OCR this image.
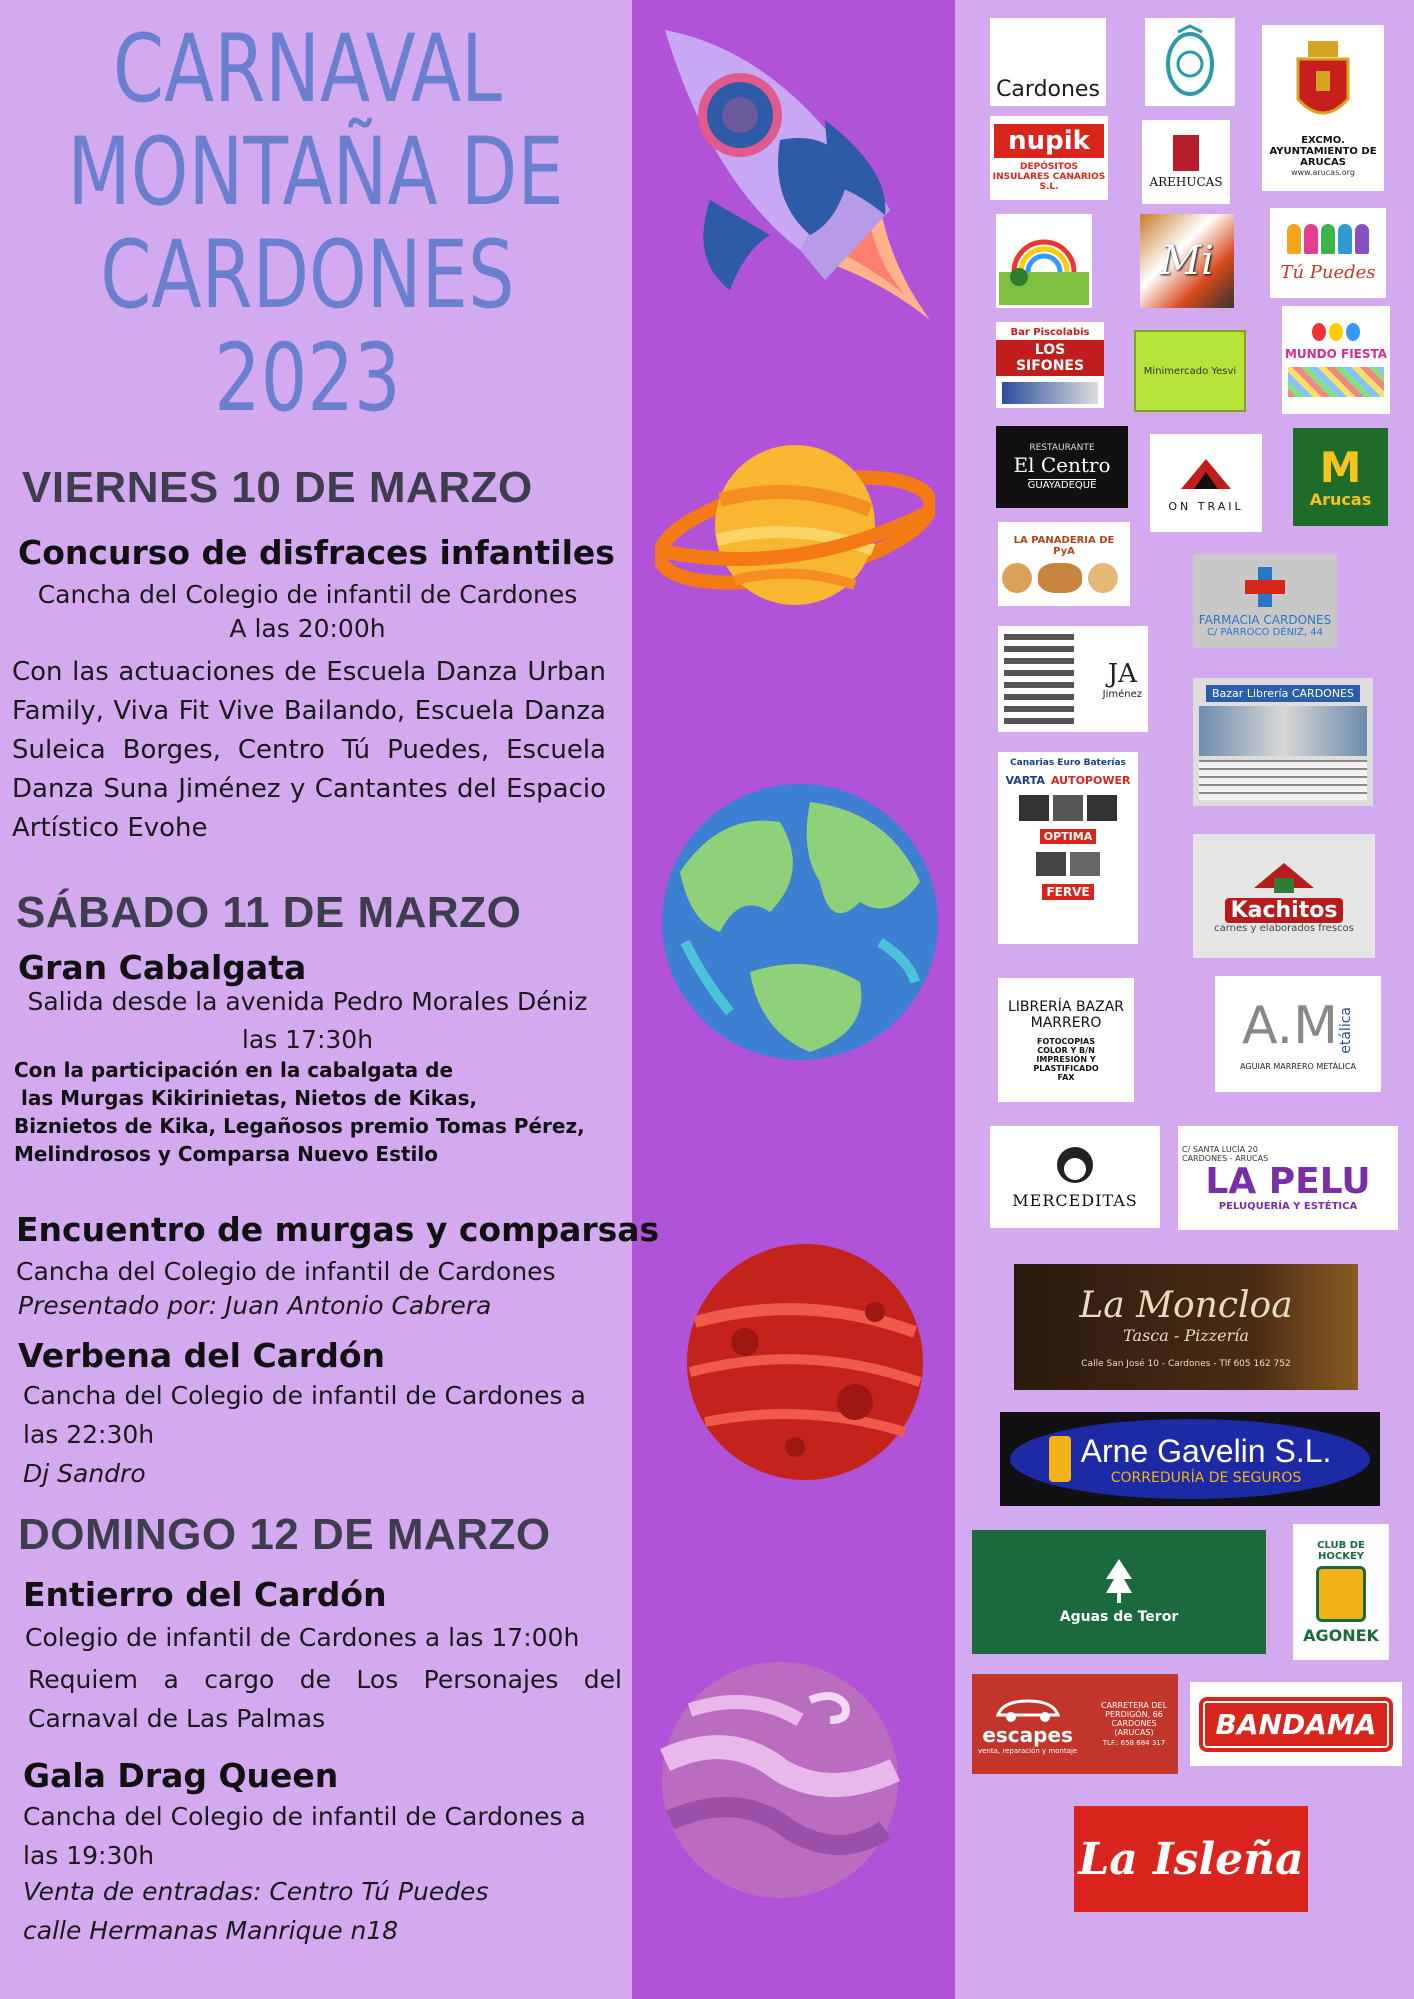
CARNAVAL
MONTAÑA DE
CARDONES
2023
VIERNES 10 DE MARZO
Concurso de disfraces infantiles
Cancha del Colegio de infantil de Cardones
A las 20:00h
Con las actuaciones de Escuela Danza Urban Family, Viva Fit Vive Bailando, Escuela Danza Suleica Borges, Centro Tú Puedes, Escuela Danza Suna Jiménez y Cantantes del Espacio Artístico Evohe
SÁBADO 11 DE MARZO
Gran Cabalgata
Salida desde la avenida Pedro Morales Déniz
las 17:30h
Con la participación en la cabalgata de
las Murgas Kikirinietas, Nietos de Kikas,
Biznietos de Kika, Legañosos premio Tomas Pérez,
Melindrosos y Comparsa Nuevo Estilo
Encuentro de murgas y comparsas
Cancha del Colegio de infantil de Cardones
Presentado por: Juan Antonio Cabrera
Verbena del Cardón
Cancha del Colegio de infantil de Cardones a las 22:30h
Dj Sandro
DOMINGO 12 DE MARZO
Entierro del Cardón
Colegio de infantil de Cardones a las 17:00h
Requiem a cargo de Los Personajes del Carnaval de Las Palmas
Gala Drag Queen
Cancha del Colegio de infantil de Cardones a las 19:30h
Venta de entradas: Centro Tú Puedes
calle Hermanas Manrique n18
Cardones
EXCMO. AYUNTAMIENTO DE ARUCAS
www.arucas.org
nupik
DEPÓSITOS INSULARES CANARIOS S.L.	AREHUCAS
Mi	Tú Puedes
Bar Piscolabis
LOS SIFONES	Minimercado Yesvi
MUNDO FIESTA
RESTAURANTE
El Centro
GUAYADEQUE
ON TRAIL
M
Arucas
LA PANADERIA DE PyA
FARMACIA CARDONES
C/ PÁRROCO DÉNIZ, 44
JA
Jiménez	Bazar Librería CARDONES
Canarias Euro Baterías
VARTA AUTOPOWER
OPTIMA
FERVE
Kachitos
carnes y elaborados frescos
LIBRERÍA BAZAR MARRERO
FOTOCOPIAS COLOR Y B/N IMPRESIÓN Y PLASTIFICADO FAX
A.M etálica
AGUIAR MARRERO METÁLICA
MERCEDITAS
C/ SANTA LUCÍA 20 CARDONES - ARUCAS
LA PELU
PELUQUERÍA Y ESTÉTICA
La Moncloa
Tasca - Pizzería
Calle San José 10 - Cardones - Tlf 605 162 752
Arne Gavelin S.L.
CORREDURÍA DE SEGUROS
Aguas de Teror
CLUB DE HOCKEY
AGONEK
escapes
venta, reparación y montaje
CARRETERA DEL PERDIGÓN, 66 CARDONES (ARUCAS)
TLF.: 658 684 317
BANDAMA
La Isleña
